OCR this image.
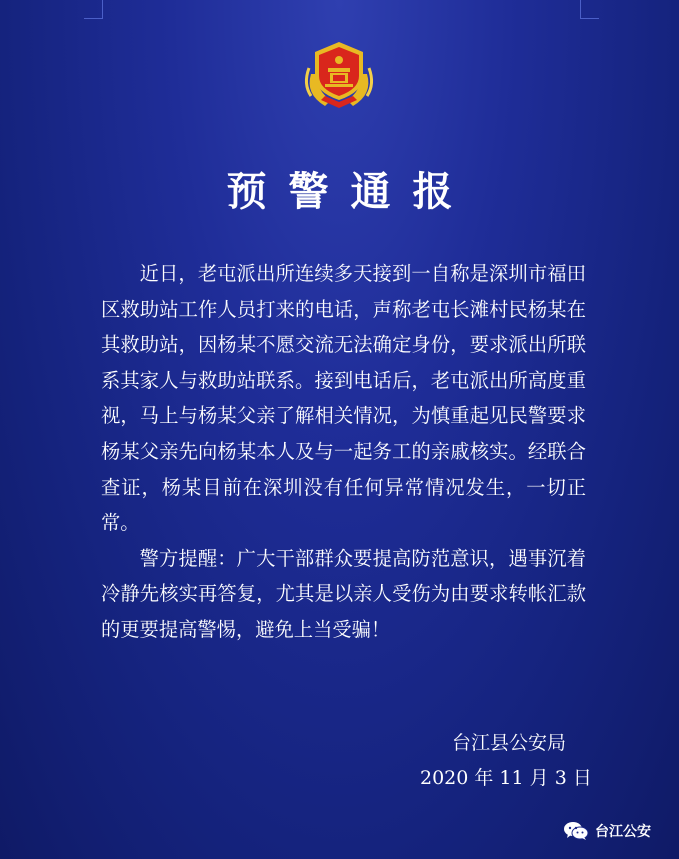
预警通报

近日，老屯派出所连续多天接到一自称是深圳市福田区救助站工作人员打来的电话，声称老屯长滩村民杨某在其救助站，因杨某不愿交流无法确定身份，要求派出所联系其家人与救助站联系。接到电话后，老屯派出所高度重视，马上与杨某父亲了解相关情况，为慎重起见民警要求杨某父亲先向杨某本人及与一起务工的亲戚核实。经联合查证，杨某目前在深圳没有任何异常情况发生，一切正常。

警方提醒：广大干部群众要提高防范意识，遇事沉着冷静先核实再答复，尤其是以亲人受伤为由要求转帐汇款的更要提高警惕，避免上当受骗！

台江县公安局
2020 年 11 月 3 日
台江公安
